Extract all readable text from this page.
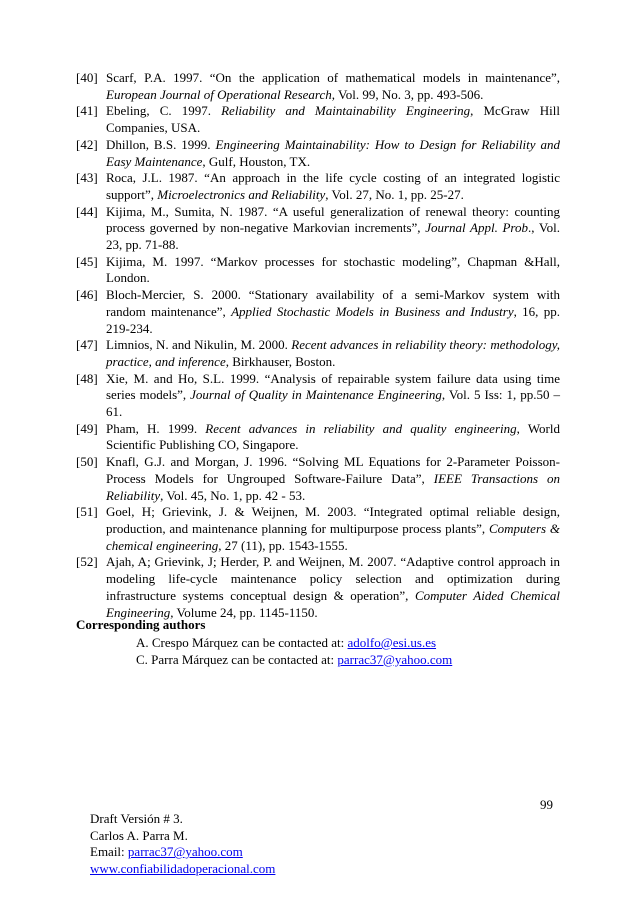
[40] Scarf, P.A. 1997. “On the application of mathematical models in maintenance”, European Journal of Operational Research, Vol. 99, No. 3, pp. 493-506.
[41] Ebeling, C. 1997. Reliability and Maintainability Engineering, McGraw Hill Companies, USA.
[42] Dhillon, B.S. 1999. Engineering Maintainability: How to Design for Reliability and Easy Maintenance, Gulf, Houston, TX.
[43] Roca, J.L. 1987. “An approach in the life cycle costing of an integrated logistic support”, Microelectronics and Reliability, Vol. 27, No. 1, pp. 25-27.
[44] Kijima, M., Sumita, N. 1987. “A useful generalization of renewal theory: counting process governed by non-negative Markovian increments”, Journal Appl. Prob., Vol. 23, pp. 71-88.
[45] Kijima, M. 1997. “Markov processes for stochastic modeling”, Chapman &Hall, London.
[46] Bloch-Mercier, S. 2000. “Stationary availability of a semi-Markov system with random maintenance”, Applied Stochastic Models in Business and Industry, 16, pp. 219-234.
[47] Limnios, N. and Nikulin, M. 2000. Recent advances in reliability theory: methodology, practice, and inference, Birkhauser, Boston.
[48] Xie, M. and Ho, S.L. 1999. “Analysis of repairable system failure data using time series models”, Journal of Quality in Maintenance Engineering, Vol. 5 Iss: 1, pp.50 – 61.
[49] Pham, H. 1999. Recent advances in reliability and quality engineering, World Scientific Publishing CO, Singapore.
[50] Knafl, G.J. and Morgan, J. 1996. “Solving ML Equations for 2-Parameter Poisson-Process Models for Ungrouped Software-Failure Data”, IEEE Transactions on Reliability, Vol. 45, No. 1, pp. 42 - 53.
[51] Goel, H; Grievink, J. & Weijnen, M. 2003. “Integrated optimal reliable design, production, and maintenance planning for multipurpose process plants”, Computers & chemical engineering, 27 (11), pp. 1543-1555.
[52] Ajah, A; Grievink, J; Herder, P. and Weijnen, M. 2007. “Adaptive control approach in modeling life-cycle maintenance policy selection and optimization during infrastructure systems conceptual design & operation”, Computer Aided Chemical Engineering, Volume 24, pp. 1145-1150.
Corresponding authors
A. Crespo Márquez can be contacted at: adolfo@esi.us.es
C. Parra Márquez can be contacted at: parrac37@yahoo.com
99
Draft Versión # 3.
Carlos A. Parra M.
Email: parrac37@yahoo.com
www.confiabilidadoperacional.com
